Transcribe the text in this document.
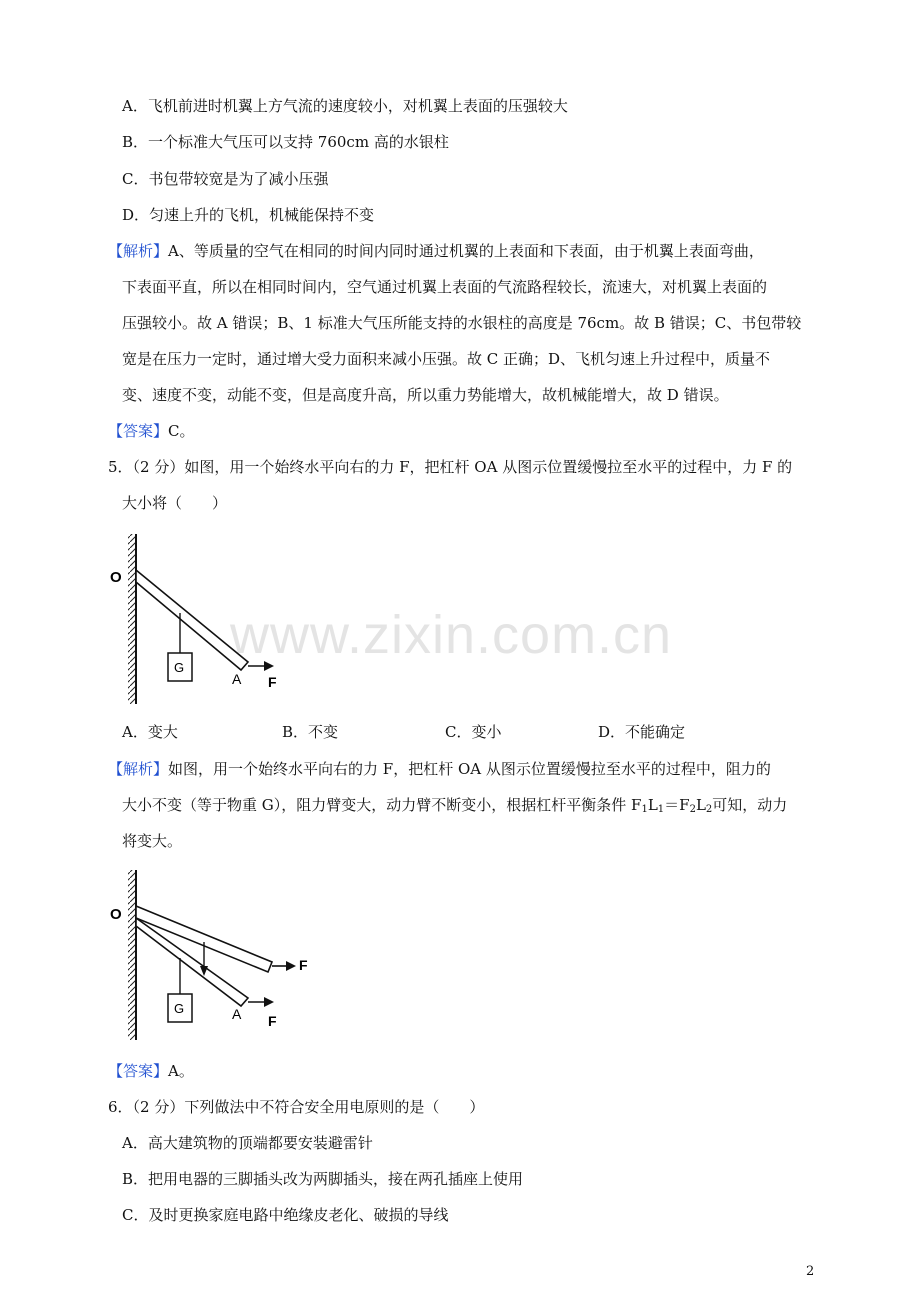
www.zixin.com.cn
A．飞机前进时机翼上方气流的速度较小，对机翼上表面的压强较大
B．一个标准大气压可以支持 760cm 高的水银柱
C．书包带较宽是为了减小压强
D．匀速上升的飞机，机械能保持不变
【解析】A、等质量的空气在相同的时间内同时通过机翼的上表面和下表面，由于机翼上表面弯曲，
下表面平直，所以在相同时间内，空气通过机翼上表面的气流路程较长，流速大，对机翼上表面的
压强较小。故 A 错误；B、1 标准大气压所能支持的水银柱的高度是 76cm。故 B 错误；C、书包带较
宽是在压力一定时，通过增大受力面积来减小压强。故 C 正确；D、飞机匀速上升过程中，质量不
变、速度不变，动能不变，但是高度升高，所以重力势能增大，故机械能增大，故 D 错误。
【答案】C。
5．（2 分）如图，用一个始终水平向右的力 F，把杠杆 OA 从图示位置缓慢拉至水平的过程中，力 F 的
大小将（　　）
O
G
A F
A．变大	B．不变	C．变小	D．不能确定
【解析】如图，用一个始终水平向右的力 F，把杠杆 OA 从图示位置缓慢拉至水平的过程中，阻力的
大小不变（等于物重 G），阻力臂变大，动力臂不断变小，根据杠杆平衡条件 $F_1L_1=F_2L_2$可知，动力
将变大。
O
G
F
A F
【答案】A。
6．（2 分）下列做法中不符合安全用电原则的是（　　）
A．高大建筑物的顶端都要安装避雷针
B．把用电器的三脚插头改为两脚插头，接在两孔插座上使用
C．及时更换家庭电路中绝缘皮老化、破损的导线
2
